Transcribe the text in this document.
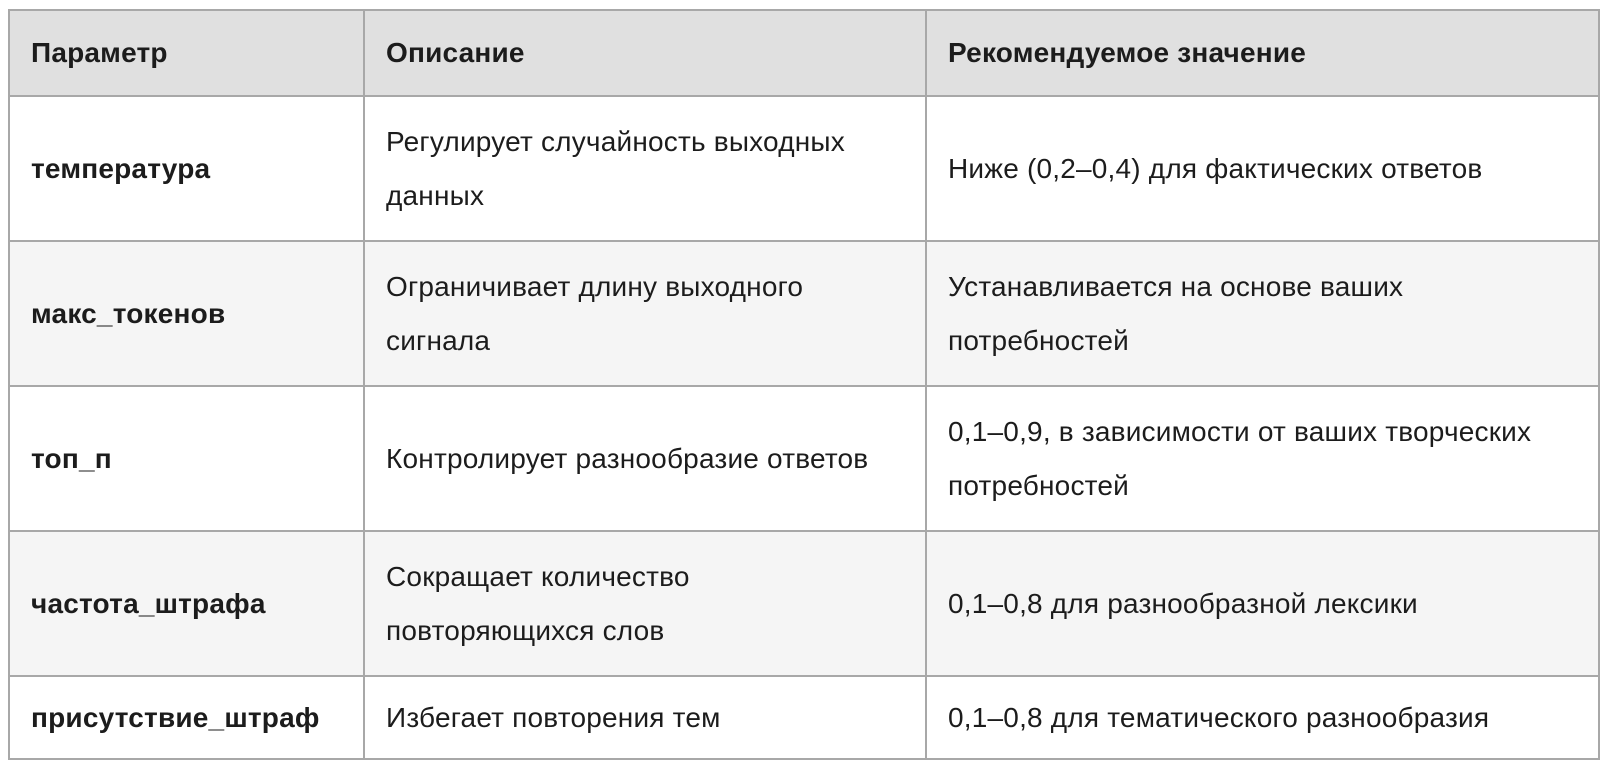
Параметр	Описание	Рекомендуемое значение
температура	Регулирует случайность выходных данных	Ниже (0,2–0,4) для фактических ответов
макс_токенов	Ограничивает длину выходного сигнала	Устанавливается на основе ваших потребностей
топ_п	Контролирует разнообразие ответов	0,1–0,9, в зависимости от ваших творческих потребностей
частота_штрафа	Сокращает количество повторяющихся слов	0,1–0,8 для разнообразной лексики
присутствие_штраф	Избегает повторения тем	0,1–0,8 для тематического разнообразия
